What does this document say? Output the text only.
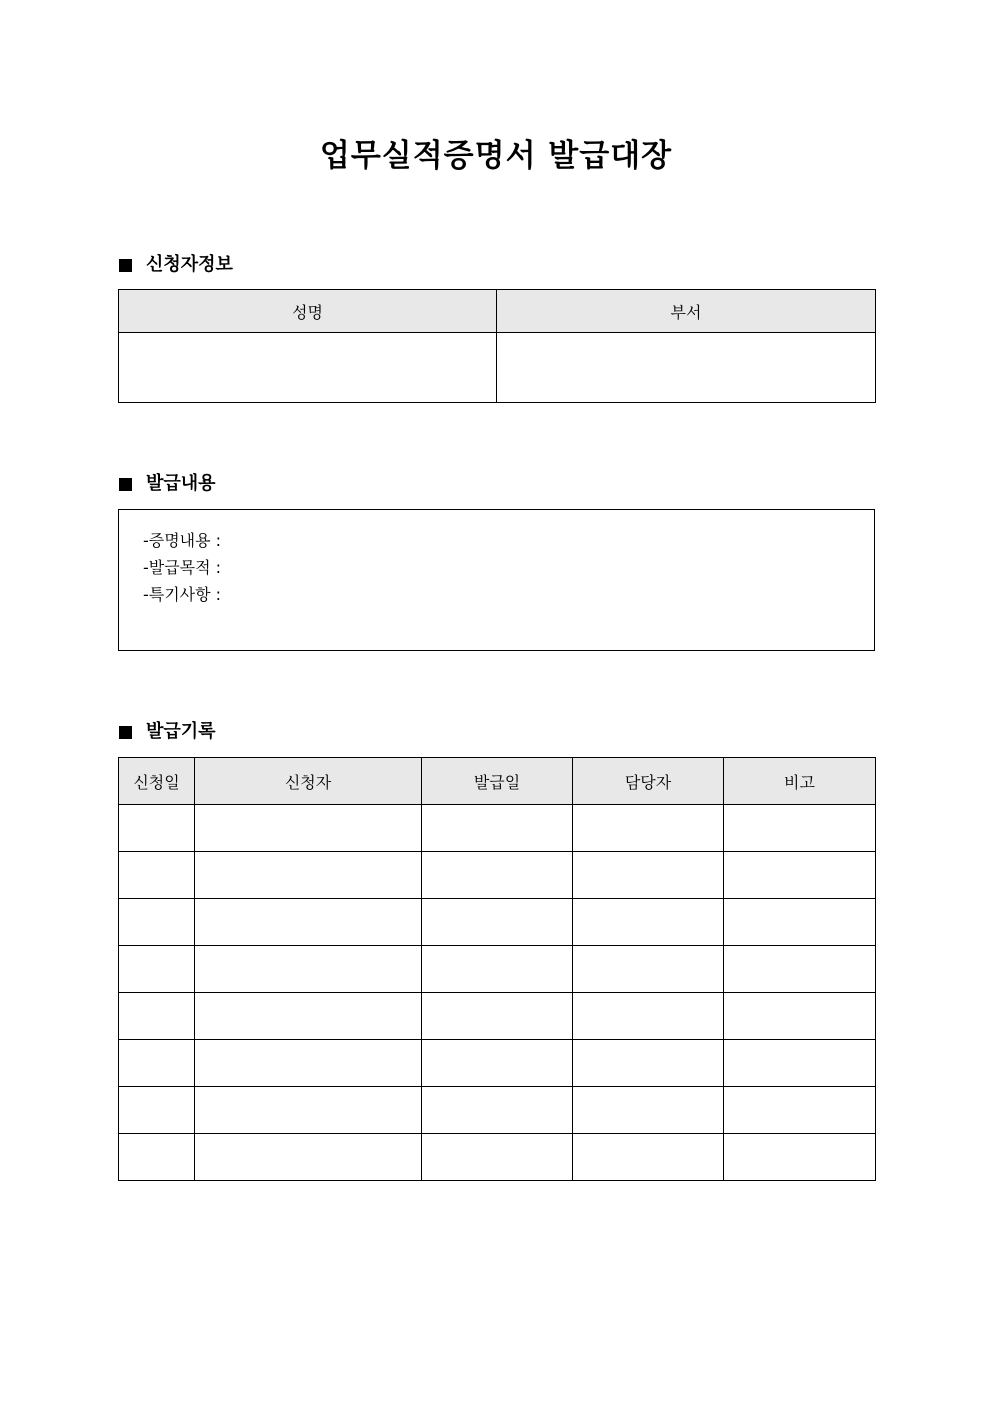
업무실적증명서 발급대장
신청자정보
성명	부서

발급내용
-증명내용 :
-발급목적 :
-특기사항 :
발급기록
신청일	신청자	발급일	담당자	비고
